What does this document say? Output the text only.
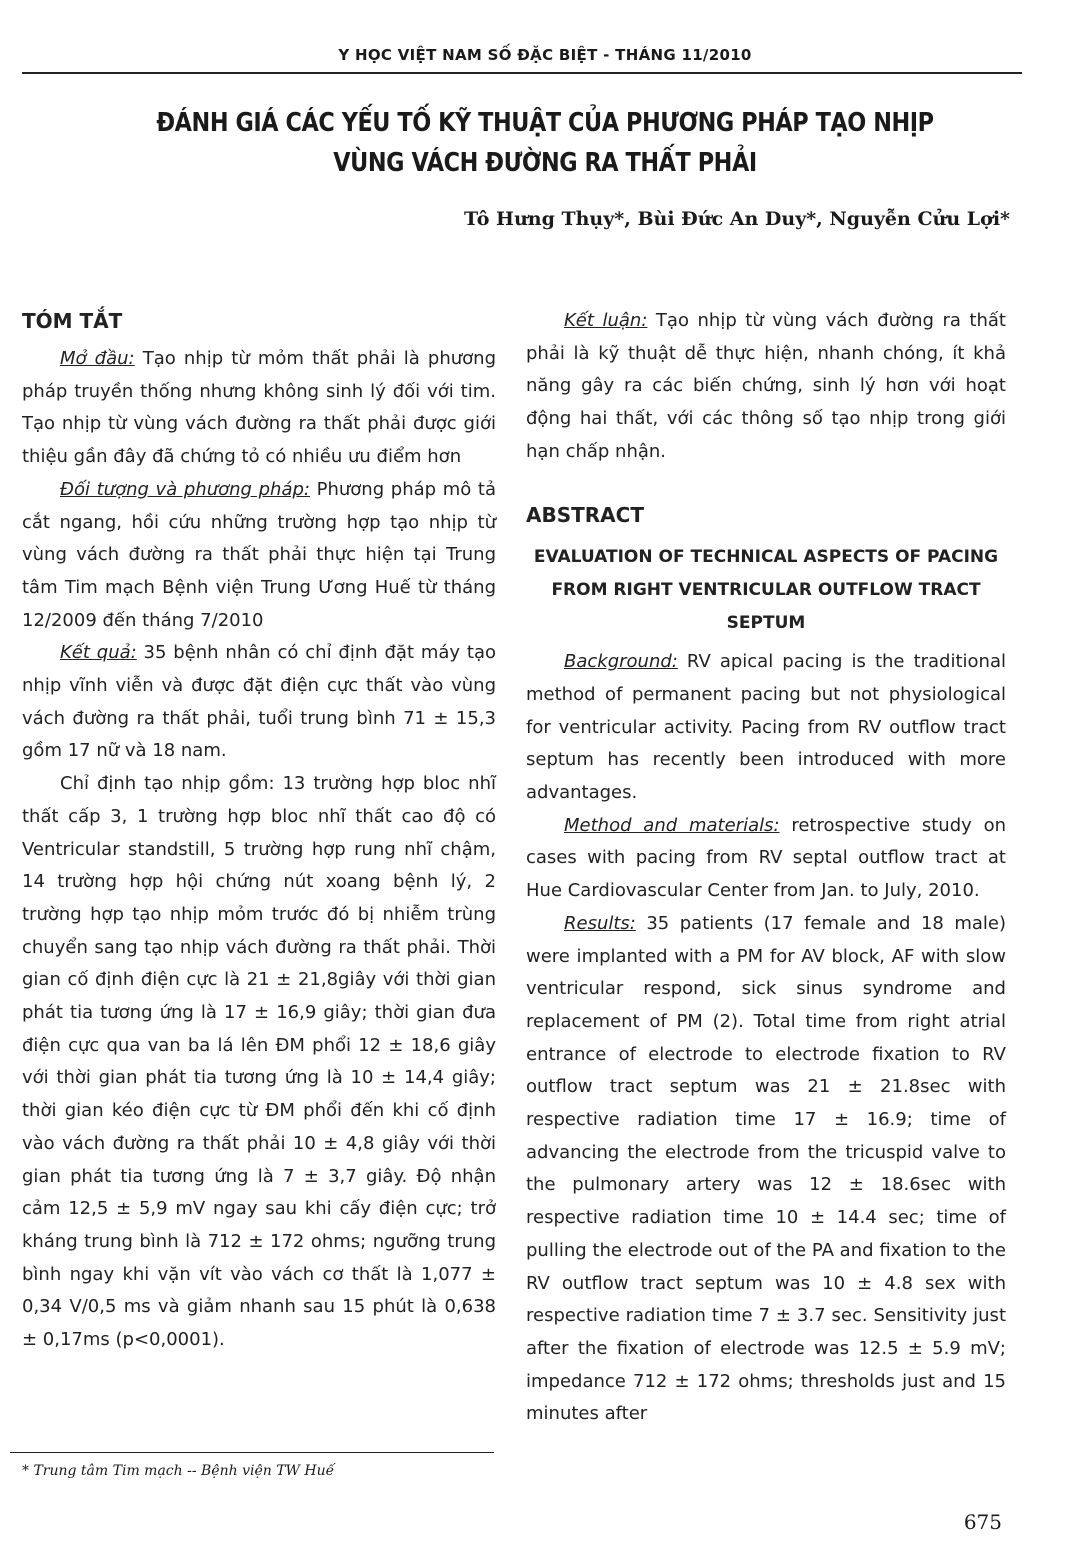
Y HỌC VIỆT NAM SỐ ĐẶC BIỆT - THÁNG 11/2010
ĐÁNH GIÁ CÁC YẾU TỐ KỸ THUẬT CỦA PHƯƠNG PHÁP TẠO NHỊP
VÙNG VÁCH ĐƯỜNG RA THẤT PHẢI
Tô Hưng Thụy*, Bùi Đức An Duy*, Nguyễn Cửu Lợi*
TÓM TẮT

Mở đầu: Tạo nhịp từ mỏm thất phải là phương pháp truyền thống nhưng không sinh lý đối với tim. Tạo nhịp từ vùng vách đường ra thất phải được giới thiệu gần đây đã chứng tỏ có nhiều ưu điểm hơn

Đối tượng và phương pháp: Phương pháp mô tả cắt ngang, hồi cứu những trường hợp tạo nhịp từ vùng vách đường ra thất phải thực hiện tại Trung tâm Tim mạch Bệnh viện Trung Ương Huế từ tháng 12/2009 đến tháng 7/2010

Kết quả: 35 bệnh nhân có chỉ định đặt máy tạo nhịp vĩnh viễn và được đặt điện cực thất vào vùng vách đường ra thất phải, tuổi trung bình 71 ± 15,3 gồm 17 nữ và 18 nam.

Chỉ định tạo nhịp gồm: 13 trường hợp bloc nhĩ thất cấp 3, 1 trường hợp bloc nhĩ thất cao độ có Ventricular standstill, 5 trường hợp rung nhĩ chậm, 14 trường hợp hội chứng nút xoang bệnh lý, 2 trường hợp tạo nhịp mỏm trước đó bị nhiễm trùng chuyển sang tạo nhịp vách đường ra thất phải. Thời gian cố định điện cực là 21 ± 21,8giây với thời gian phát tia tương ứng là 17 ± 16,9 giây; thời gian đưa điện cực qua van ba lá lên ĐM phổi 12 ± 18,6 giây với thời gian phát tia tương ứng là 10 ± 14,4 giây; thời gian kéo điện cực từ ĐM phổi đến khi cố định vào vách đường ra thất phải 10 ± 4,8 giây với thời gian phát tia tương ứng là 7 ± 3,7 giây. Độ nhận cảm 12,5 ± 5,9 mV ngay sau khi cấy điện cực; trở kháng trung bình là 712 ± 172 ohms; ngưỡng trung bình ngay khi vặn vít vào vách cơ thất là 1,077 ± 0,34 V/0,5 ms và giảm nhanh sau 15 phút là 0,638 ± 0,17ms (p<0,0001).

Kết luận: Tạo nhịp từ vùng vách đường ra thất phải là kỹ thuật dễ thực hiện, nhanh chóng, ít khả năng gây ra các biến chứng, sinh lý hơn với hoạt động hai thất, với các thông số tạo nhịp trong giới hạn chấp nhận.

ABSTRACT
EVALUATION OF TECHNICAL ASPECTS OF PACING FROM RIGHT VENTRICULAR OUTFLOW TRACT SEPTUM

Background: RV apical pacing is the traditional method of permanent pacing but not physiological for ventricular activity. Pacing from RV outflow tract septum has recently been introduced with more advantages.

Method and materials: retrospective study on cases with pacing from RV septal outflow tract at Hue Cardiovascular Center from Jan. to July, 2010.

Results: 35 patients (17 female and 18 male) were implanted with a PM for AV block, AF with slow ventricular respond, sick sinus syndrome and replacement of PM (2). Total time from right atrial entrance of electrode to electrode fixation to RV outflow tract septum was 21 ± 21.8sec with respective radiation time 17 ± 16.9; time of advancing the electrode from the tricuspid valve to the pulmonary artery was 12 ± 18.6sec with respective radiation time 10 ± 14.4 sec; time of pulling the electrode out of the PA and fixation to the RV outflow tract septum was 10 ± 4.8 sex with respective radiation time 7 ± 3.7 sec. Sensitivity just after the fixation of electrode was 12.5 ± 5.9 mV; impedance 712 ± 172 ohms; thresholds just and 15 minutes after

* Trung tâm Tim mạch -- Bệnh viện TW Huế
675
